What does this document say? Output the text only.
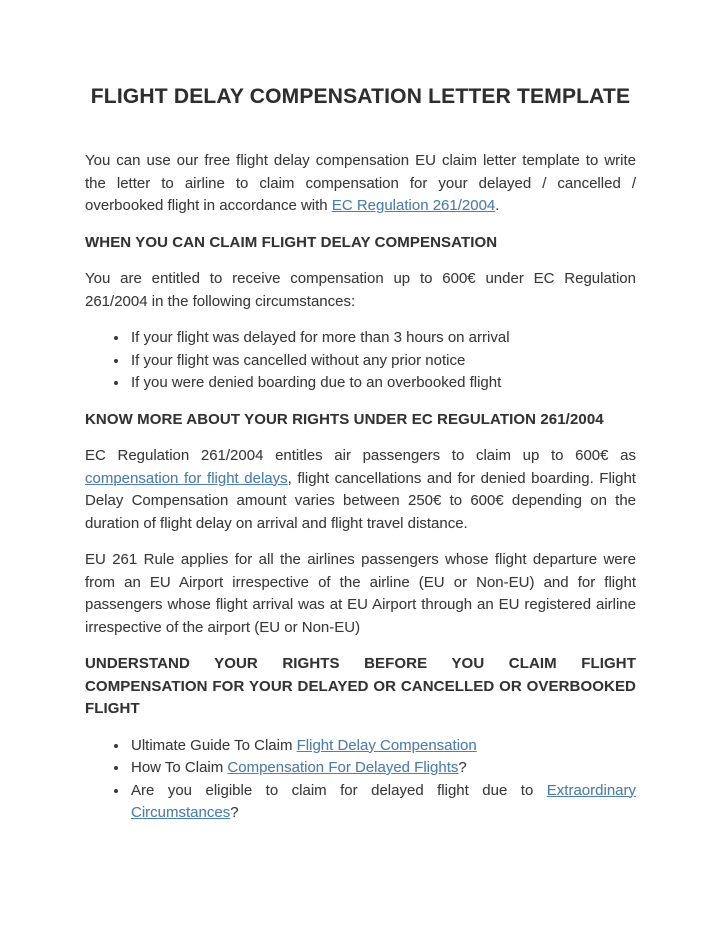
FLIGHT DELAY COMPENSATION LETTER TEMPLATE

You can use our free flight delay compensation EU claim letter template to write the letter to airline to claim compensation for your delayed / cancelled / overbooked flight in accordance with EC Regulation 261/2004.

WHEN YOU CAN CLAIM FLIGHT DELAY COMPENSATION

You are entitled to receive compensation up to 600€ under EC Regulation 261/2004 in the following circumstances:

• If your flight was delayed for more than 3 hours on arrival
• If your flight was cancelled without any prior notice
• If you were denied boarding due to an overbooked flight
KNOW MORE ABOUT YOUR RIGHTS UNDER EC REGULATION 261/2004

EC Regulation 261/2004 entitles air passengers to claim up to 600€ as compensation for flight delays, flight cancellations and for denied boarding. Flight Delay Compensation amount varies between 250€ to 600€ depending on the duration of flight delay on arrival and flight travel distance.

EU 261 Rule applies for all the airlines passengers whose flight departure were from an EU Airport irrespective of the airline (EU or Non-EU) and for flight passengers whose flight arrival was at EU Airport through an EU registered airline irrespective of the airport (EU or Non-EU)

UNDERSTAND YOUR RIGHTS BEFORE YOU CLAIM FLIGHT COMPENSATION FOR YOUR DELAYED OR CANCELLED OR OVERBOOKED FLIGHT
• Ultimate Guide To Claim Flight Delay Compensation
• How To Claim Compensation For Delayed Flights?
• Are you eligible to claim for delayed flight due to Extraordinary Circumstances?
